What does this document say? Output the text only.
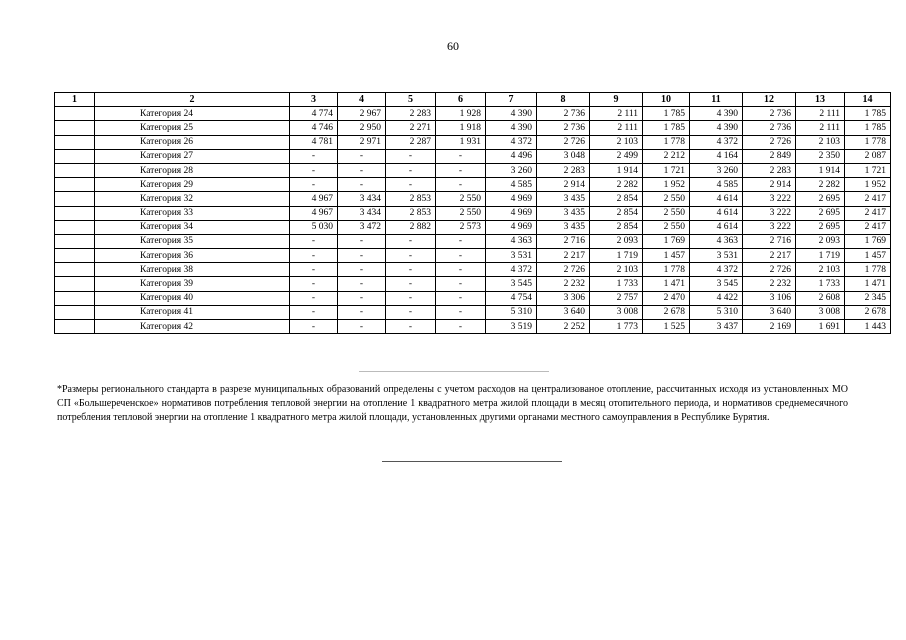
60
1	2	3	4	5	6	7	8	9	10	11	12	13	14
	Категория 24	4 774	2 967	2 283	1 928	4 390	2 736	2 111	1 785	4 390	2 736	2 111	1 785
	Категория 25	4 746	2 950	2 271	1 918	4 390	2 736	2 111	1 785	4 390	2 736	2 111	1 785
	Категория 26	4 781	2 971	2 287	1 931	4 372	2 726	2 103	1 778	4 372	2 726	2 103	1 778
	Категория 27	-	-	-	-	4 496	3 048	2 499	2 212	4 164	2 849	2 350	2 087
	Категория 28	-	-	-	-	3 260	2 283	1 914	1 721	3 260	2 283	1 914	1 721
	Категория 29	-	-	-	-	4 585	2 914	2 282	1 952	4 585	2 914	2 282	1 952
	Категория 32	4 967	3 434	2 853	2 550	4 969	3 435	2 854	2 550	4 614	3 222	2 695	2 417
	Категория 33	4 967	3 434	2 853	2 550	4 969	3 435	2 854	2 550	4 614	3 222	2 695	2 417
	Категория 34	5 030	3 472	2 882	2 573	4 969	3 435	2 854	2 550	4 614	3 222	2 695	2 417
	Категория 35	-	-	-	-	4 363	2 716	2 093	1 769	4 363	2 716	2 093	1 769
	Категория 36	-	-	-	-	3 531	2 217	1 719	1 457	3 531	2 217	1 719	1 457
	Категория 38	-	-	-	-	4 372	2 726	2 103	1 778	4 372	2 726	2 103	1 778
	Категория 39	-	-	-	-	3 545	2 232	1 733	1 471	3 545	2 232	1 733	1 471
	Категория 40	-	-	-	-	4 754	3 306	2 757	2 470	4 422	3 106	2 608	2 345
	Категория 41	-	-	-	-	5 310	3 640	3 008	2 678	5 310	3 640	3 008	2 678
	Категория 42	-	-	-	-	3 519	2 252	1 773	1 525	3 437	2 169	1 691	1 443
*Размеры регионального стандарта в разрезе муниципальных образований определены с учетом расходов на централизованое отопление, рассчитанных исходя из установленных МО СП «Большереченское» нормативов потребления тепловой энергии на отопление 1 квадратного метра жилой площади в месяц отопительного периода, и нормативов среднемесячного потребления тепловой энергии на отопление 1 квадратного метра жилой площади, установленных другими органами местного самоуправления в Республике Бурятия.
